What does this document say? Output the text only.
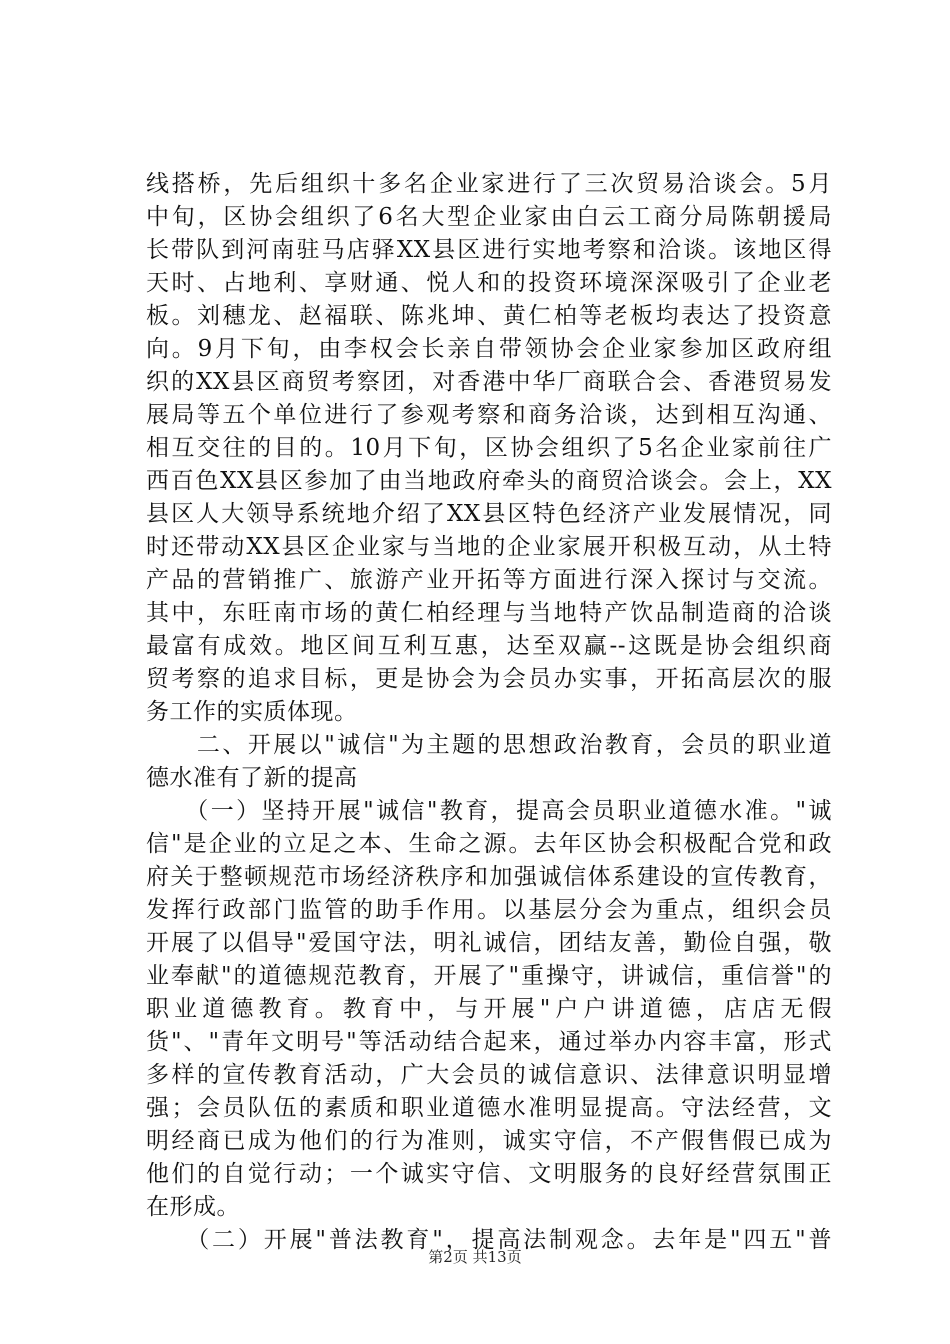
线搭桥，先后组织十多名企业家进行了三次贸易洽谈会。5月
中旬，区协会组织了6名大型企业家由白云工商分局陈朝援局
长带队到河南驻马店驿XX县区进行实地考察和洽谈。该地区得
天时、占地利、享财通、悦人和的投资环境深深吸引了企业老
板。刘穗龙、赵福联、陈兆坤、黄仁柏等老板均表达了投资意
向。9月下旬，由李权会长亲自带领协会企业家参加区政府组
织的XX县区商贸考察团，对香港中华厂商联合会、香港贸易发
展局等五个单位进行了参观考察和商务洽谈，达到相互沟通、
相互交往的目的。10月下旬，区协会组织了5名企业家前往广
西百色XX县区参加了由当地政府牵头的商贸洽谈会。会上，XX
县区人大领导系统地介绍了XX县区特色经济产业发展情况，同
时还带动XX县区企业家与当地的企业家展开积极互动，从土特
产品的营销推广、旅游产业开拓等方面进行深入探讨与交流。
其中，东旺南市场的黄仁柏经理与当地特产饮品制造商的洽谈
最富有成效。地区间互利互惠，达至双赢--这既是协会组织商
贸考察的追求目标，更是协会为会员办实事，开拓高层次的服
务工作的实质体现。
　　二、开展以"诚信"为主题的思想政治教育，会员的职业道
德水准有了新的提高
　　（一）坚持开展"诚信"教育，提高会员职业道德水准。"诚
信"是企业的立足之本、生命之源。去年区协会积极配合党和政
府关于整顿规范市场经济秩序和加强诚信体系建设的宣传教育，
发挥行政部门监管的助手作用。以基层分会为重点，组织会员
开展了以倡导"爱国守法，明礼诚信，团结友善，勤俭自强，敬
业奉献"的道德规范教育，开展了"重操守，讲诚信，重信誉"的
职业道德教育。教育中，与开展"户户讲道德，店店无假
货"、"青年文明号"等活动结合起来，通过举办内容丰富，形式
多样的宣传教育活动，广大会员的诚信意识、法律意识明显增
强；会员队伍的素质和职业道德水准明显提高。守法经营，文
明经商已成为他们的行为准则，诚实守信，不产假售假已成为
他们的自觉行动；一个诚实守信、文明服务的良好经营氛围正
在形成。
　　（二）开展"普法教育"，提高法制观念。去年是"四五"普
第2页 共13页
